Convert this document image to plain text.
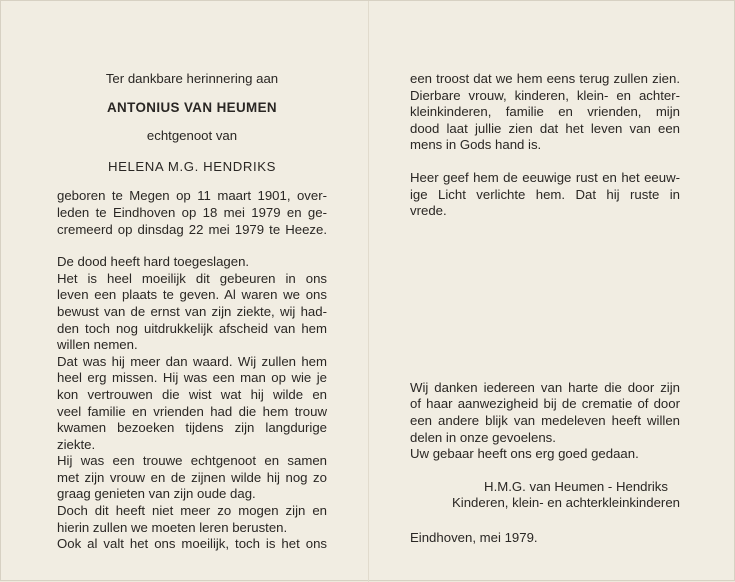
Ter dankbare herinnering aan

ANTONIUS VAN HEUMEN

echtgenoot van

HELENA M.G. HENDRIKS

geboren te Megen op 11 maart 1901, over-
leden te Eindhoven op 18 mei 1979 en ge-
cremeerd op dinsdag 22 mei 1979 te Heeze.
De dood heeft hard toegeslagen.
Het is heel moeilijk dit gebeuren in ons
leven een plaats te geven. Al waren we ons
bewust van de ernst van zijn ziekte, wij had-
den toch nog uitdrukkelijk afscheid van hem
willen nemen.
Dat was hij meer dan waard. Wij zullen hem
heel erg missen. Hij was een man op wie je
kon vertrouwen die wist wat hij wilde en
veel familie en vrienden had die hem trouw
kwamen bezoeken tijdens zijn langdurige
ziekte.
Hij was een trouwe echtgenoot en samen
met zijn vrouw en de zijnen wilde hij nog zo
graag genieten van zijn oude dag.
Doch dit heeft niet meer zo mogen zijn en
hierin zullen we moeten leren berusten.
Ook al valt het ons moeilijk, toch is het ons
een troost dat we hem eens terug zullen zien.
Dierbare vrouw, kinderen, klein- en achter-
kleinkinderen, familie en vrienden, mijn
dood laat jullie zien dat het leven van een
mens in Gods hand is.
Heer geef hem de eeuwige rust en het eeuw-
ige Licht verlichte hem. Dat hij ruste in
vrede.
Wij danken iedereen van harte die door zijn
of haar aanwezigheid bij de crematie of door
een andere blijk van medeleven heeft willen
delen in onze gevoelens.
Uw gebaar heeft ons erg goed gedaan.

H.M.G. van Heumen - Hendriks

Kinderen, klein- en achterkleinkinderen

Eindhoven, mei 1979.
